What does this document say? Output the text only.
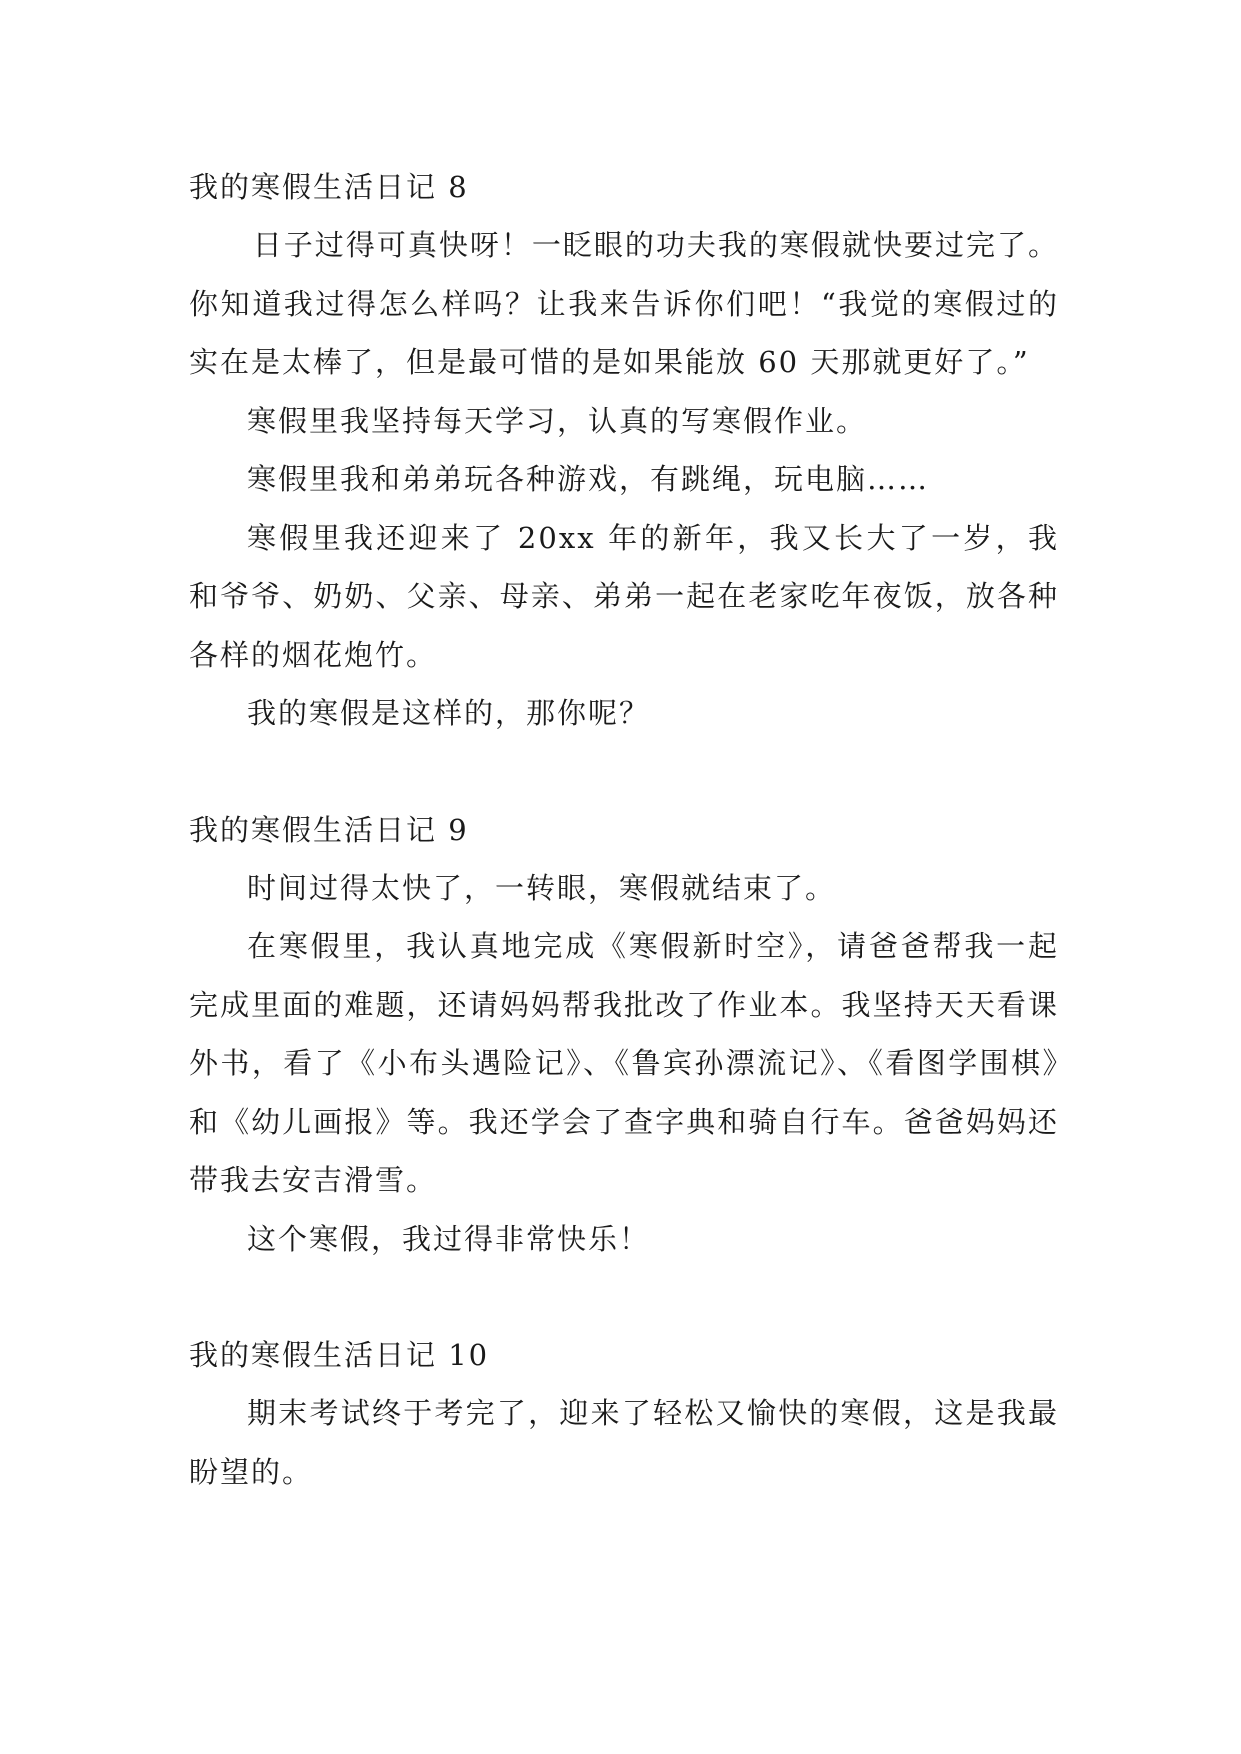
我的寒假生活日记 8

日子过得可真快呀！一眨眼的功夫我的寒假就快要过完了。你知道我过得怎么样吗？让我来告诉你们吧！“我觉的寒假过的实在是太棒了，但是最可惜的是如果能放 60 天那就更好了。”

寒假里我坚持每天学习，认真的写寒假作业。

寒假里我和弟弟玩各种游戏，有跳绳，玩电脑……

寒假里我还迎来了 20xx 年的新年，我又长大了一岁，我和爷爷、奶奶、父亲、母亲、弟弟一起在老家吃年夜饭，放各种各样的烟花炮竹。

我的寒假是这样的，那你呢？

我的寒假生活日记 9

时间过得太快了，一转眼，寒假就结束了。

在寒假里，我认真地完成《寒假新时空》，请爸爸帮我一起完成里面的难题，还请妈妈帮我批改了作业本。我坚持天天看课外书，看了《小布头遇险记》、《鲁宾孙漂流记》、《看图学围棋》和《幼儿画报》等。我还学会了查字典和骑自行车。爸爸妈妈还带我去安吉滑雪。

这个寒假，我过得非常快乐！

我的寒假生活日记 10

期末考试终于考完了，迎来了轻松又愉快的寒假，这是我最盼望的。
